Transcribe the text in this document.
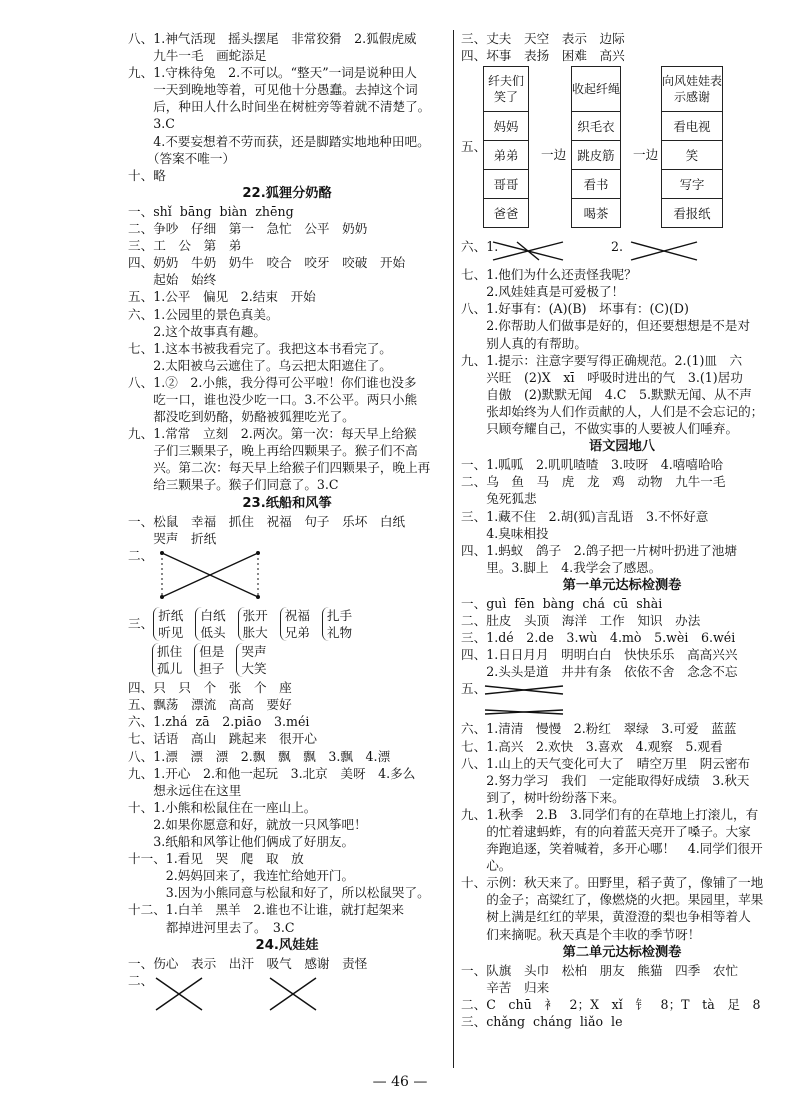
八、1.神气活现　摇头摆尾　非常狡猾　2.狐假虎威
　　九牛一毛　画蛇添足
九、1.守株待兔　2.不可以。“整天”一词是说种田人
　　一天到晚地等着，可见他十分愚蠢。去掉这个词
　　后，种田人什么时间坐在树桩旁等着就不清楚了。
　　3.C
　　4.不要妄想着不劳而获，还是脚踏实地地种田吧。
　　（答案不唯一）
十、略
22.狐狸分奶酪
一、shǐ  bāng  biàn  zhēng
二、争吵　仔细　第一　急忙　公平　奶奶
三、工　公　第　弟
四、奶奶　牛奶　奶牛　咬合　咬牙　咬破　开始
　　起始　始终
五、1.公平　偏见　2.结束　开始
六、1.公园里的景色真美。
　　2.这个故事真有趣。
七、1.这本书被我看完了。我把这本书看完了。
　　2.太阳被乌云遮住了。乌云把太阳遮住了。
八、1.②　2.小熊，我分得可公平啦！你们谁也没多
　　吃一口，谁也没少吃一口。3.不公平。两只小熊
　　都没吃到奶酪，奶酪被狐狸吃光了。
九、1.常常　立刻　2.两次。第一次：每天早上给猴
　　子们三颗果子，晚上再给四颗果子。猴子们不高
　　兴。第二次：每天早上给猴子们四颗果子，晚上再
　　给三颗果子。猴子们同意了。3.C
23.纸船和风筝
一、松鼠　幸福　抓住　祝福　句子　乐坏　白纸
　　哭声　折纸
二、
三、
折纸
听见
白纸
低头
张开
胀大
祝福
兄弟
扎手
礼物
抓住
孤儿
但是
担子
哭声
大笑
四、只　只　个　张　个　座
五、飘荡　漂流　高高　要好
六、1.zhá  zā　2.piāo　3.méi
七、话语　高山　跳起来　很开心
八、1.漂　漂　漂　2.飘　飘　飘　3.飘　4.漂
九、1.开心　2.和他一起玩　3.北京　美呀　4.多么
　　想永远住在这里
十、1.小熊和松鼠住在一座山上。
　　2.如果你愿意和好，就放一只风筝吧！
　　3.纸船和风筝让他们俩成了好朋友。
十一、1.看见　哭　爬　取　放
　　　2.妈妈回来了，我连忙给她开门。
　　　3.因为小熊同意与松鼠和好了，所以松鼠哭了。
十二、1.白羊　黑羊　2.谁也不让谁，就打起架来
　　　都掉进河里去了。　3.C
24.风娃娃
一、伤心　表示　出汗　吸气　感谢　责怪
二、
三、丈夫　天空　表示　边际
四、坏事　表扬　困难　高兴
五、
纤夫们笑了
妈妈
弟弟
哥哥
爸爸
一边
收起纤绳
织毛衣
跳皮筋
看书
喝茶
一边
向风娃娃表示感谢
看电视
笑
写字
看报纸
六、1.	2.
七、1.他们为什么还责怪我呢？
　　2.风娃娃真是可爱极了！
八、1.好事有：(A)(B)　坏事有：(C)(D)
　　2.你帮助人们做事是好的，但还要想想是不是对
　　别人真的有帮助。
九、1.提示：注意字要写得正确规范。2.(1)皿　六
　　兴旺　(2)X　xī　呼吸时进出的气　3.(1)居功
　　自傲　(2)默默无闻　4.C　5.默默无闻、从不声
　　张却始终为人们作贡献的人，人们是不会忘记的；
　　只顾夸耀自己，不做实事的人要被人们唾弃。
语文园地八
一、1.呱呱　2.叽叽喳喳　3.吱呀　4.嘻嘻哈哈
二、乌　鱼　马　虎　龙　鸡　动物　九牛一毛
　　兔死狐悲
三、1.藏不住　2.胡(狐)言乱语　3.不怀好意
　　4.臭味相投
四、1.蚂蚁　鸽子　2.鸽子把一片树叶扔进了池塘
　　里。3.脚上　4.我学会了感恩。
第一单元达标检测卷
一、guì  fēn  bàng  chá  cū  shài
二、肚皮　头顶　海洋　工作　知识　办法
三、1.dé　2.de　3.wù　4.mò　5.wèi　6.wéi
四、1.日日月月　明明白白　快快乐乐　高高兴兴
　　2.头头是道　井井有条　依依不舍　念念不忘
五、
六、1.清清　慢慢　2.粉红　翠绿　3.可爱　蓝蓝
七、1.高兴　2.欢快　3.喜欢　4.观察　5.观看
八、1.山上的天气变化可大了　晴空万里　阴云密布
　　2.努力学习　我们　一定能取得好成绩　3.秋天
　　到了，树叶纷纷落下来。
九、1.秋季　2.B　3.同学们有的在草地上打滚儿，有
　　的忙着逮蚂蚱，有的向着蓝天亮开了嗓子。大家
　　奔跑追逐，笑着喊着，多开心哪！　4.同学们很开
　　心。
十、示例：秋天来了。田野里，稻子黄了，像铺了一地
　　的金子；高粱红了，像燃烧的火把。果园里，苹果
　　树上满是红红的苹果，黄澄澄的梨也争相等着人
　　们来摘呢。秋天真是个丰收的季节呀！
第二单元达标检测卷
一、队旗　头巾　松柏　朋友　熊猫　四季　农忙
　　辛苦　归来
二、C　chū　衤　2；X　xǐ　钅　8；T　tà　足　8
三、chǎng  cháng  liǎo  le
— 46 —
